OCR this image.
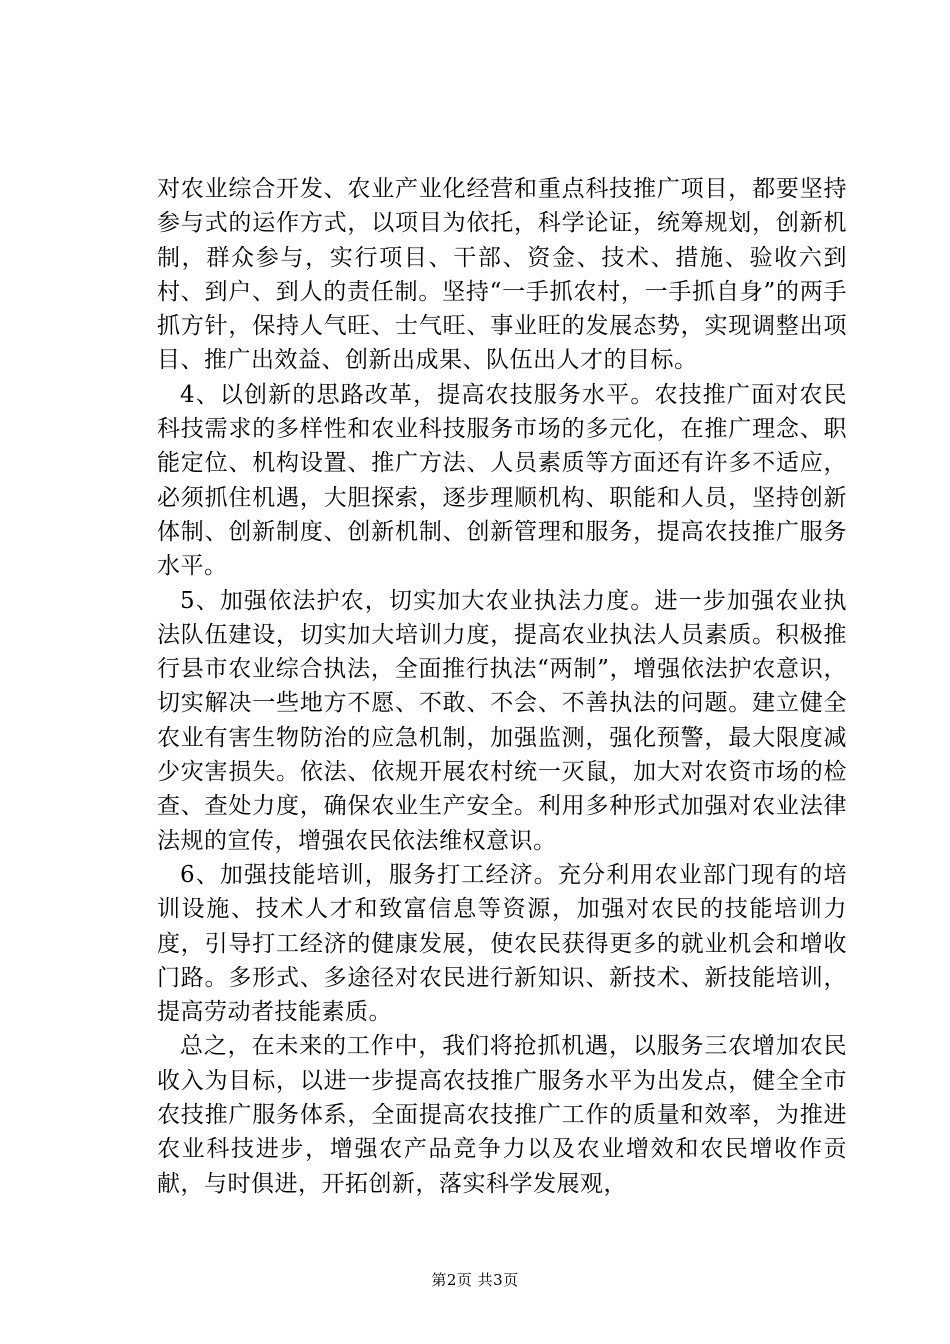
对农业综合开发、农业产业化经营和重点科技推广项目，都要坚持参与式的运作方式，以项目为依托，科学论证，统筹规划，创新机制，群众参与，实行项目、干部、资金、技术、措施、验收六到村、到户、到人的责任制。坚持“一手抓农村，一手抓自身”的两手抓方针，保持人气旺、士气旺、事业旺的发展态势，实现调整出项目、推广出效益、创新出成果、队伍出人才的目标。

4、以创新的思路改革，提高农技服务水平。农技推广面对农民科技需求的多样性和农业科技服务市场的多元化，在推广理念、职能定位、机构设置、推广方法、人员素质等方面还有许多不适应，必须抓住机遇，大胆探索，逐步理顺机构、职能和人员，坚持创新体制、创新制度、创新机制、创新管理和服务，提高农技推广服务水平。

5、加强依法护农，切实加大农业执法力度。进一步加强农业执法队伍建设，切实加大培训力度，提高农业执法人员素质。积极推行县市农业综合执法，全面推行执法“两制”，增强依法护农意识，切实解决一些地方不愿、不敢、不会、不善执法的问题。建立健全农业有害生物防治的应急机制，加强监测，强化预警，最大限度减少灾害损失。依法、依规开展农村统一灭鼠，加大对农资市场的检查、查处力度，确保农业生产安全。利用多种形式加强对农业法律法规的宣传，增强农民依法维权意识。

6、加强技能培训，服务打工经济。充分利用农业部门现有的培训设施、技术人才和致富信息等资源，加强对农民的技能培训力度，引导打工经济的健康发展，使农民获得更多的就业机会和增收门路。多形式、多途径对农民进行新知识、新技术、新技能培训，提高劳动者技能素质。

总之，在未来的工作中，我们将抢抓机遇，以服务三农增加农民收入为目标，以进一步提高农技推广服务水平为出发点，健全全市农技推广服务体系，全面提高农技推广工作的质量和效率，为推进农业科技进步，增强农产品竞争力以及农业增效和农民增收作贡献，与时俱进，开拓创新，落实科学发展观，

第2页 共3页
